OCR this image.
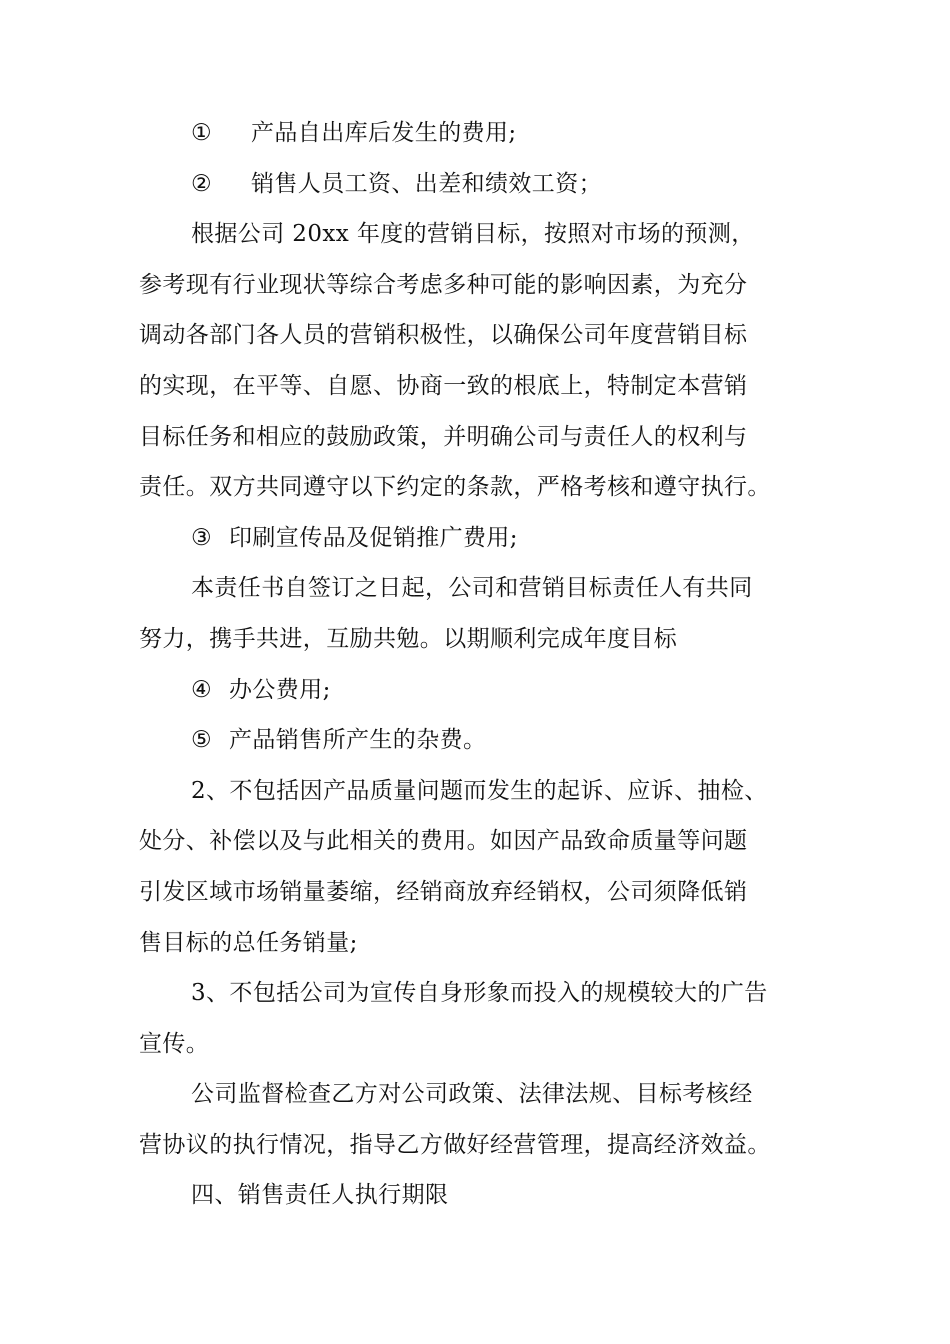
① 产品自出库后发生的费用;
② 销售人员工资、出差和绩效工资；
根据公司 20xx 年度的营销目标，按照对市场的预测，
参考现有行业现状等综合考虑多种可能的影响因素，为充分
调动各部门各人员的营销积极性，以确保公司年度营销目标
的实现，在平等、自愿、协商一致的根底上，特制定本营销
目标任务和相应的鼓励政策，并明确公司与责任人的权利与
责任。双方共同遵守以下约定的条款，严格考核和遵守执行。
③ 印刷宣传品及促销推广费用;
本责任书自签订之日起，公司和营销目标责任人有共同
努力，携手共进，互励共勉。以期顺利完成年度目标
④ 办公费用;
⑤ 产品销售所产生的杂费。
2、不包括因产品质量问题而发生的起诉、应诉、抽检、
处分、补偿以及与此相关的费用。如因产品致命质量等问题
引发区域市场销量萎缩，经销商放弃经销权，公司须降低销
售目标的总任务销量;
3、不包括公司为宣传自身形象而投入的规模较大的广告
宣传。
公司监督检查乙方对公司政策、法律法规、目标考核经
营协议的执行情况，指导乙方做好经营管理，提高经济效益。
四、销售责任人执行期限
